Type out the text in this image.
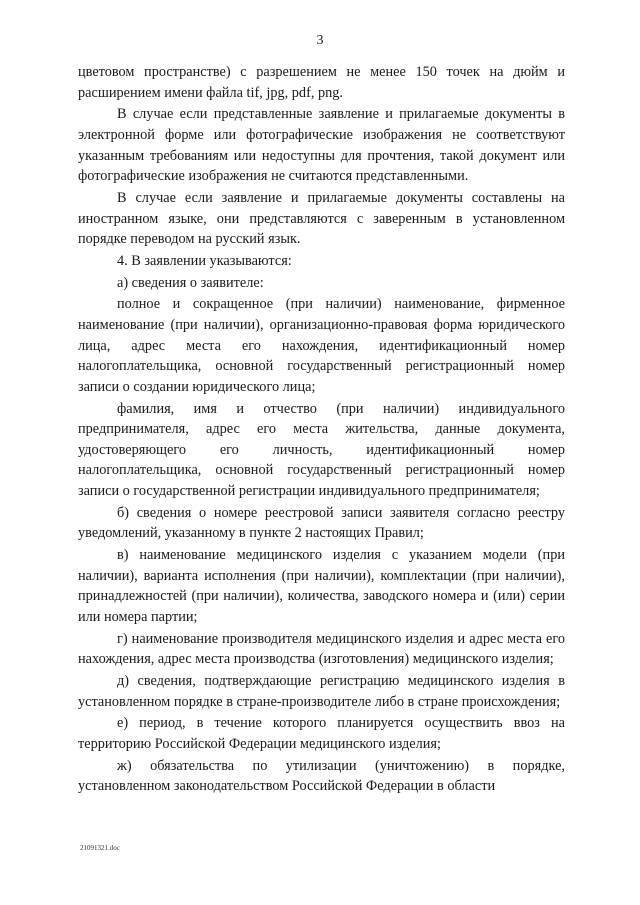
3

цветовом пространстве) с разрешением не менее 150 точек на дюйм и расширением имени файла tif, jpg, pdf, png.

В случае если представленные заявление и прилагаемые документы в электронной форме или фотографические изображения не соответствуют указанным требованиям или недоступны для прочтения, такой документ или фотографические изображения не считаются представленными.

В случае если заявление и прилагаемые документы составлены на иностранном языке, они представляются с заверенным в установленном порядке переводом на русский язык.

4. В заявлении указываются:

а) сведения о заявителе:

полное и сокращенное (при наличии) наименование, фирменное наименование (при наличии), организационно-правовая форма юридического лица, адрес места его нахождения, идентификационный номер налогоплательщика, основной государственный регистрационный номер записи о создании юридического лица;

фамилия, имя и отчество (при наличии) индивидуального предпринимателя, адрес его места жительства, данные документа, удостоверяющего его личность, идентификационный номер налогоплательщика, основной государственный регистрационный номер записи о государственной регистрации индивидуального предпринимателя;

б) сведения о номере реестровой записи заявителя согласно реестру уведомлений, указанному в пункте 2 настоящих Правил;

в) наименование медицинского изделия с указанием модели (при наличии), варианта исполнения (при наличии), комплектации (при наличии), принадлежностей (при наличии), количества, заводского номера и (или) серии или номера партии;

г) наименование производителя медицинского изделия и адрес места его нахождения, адрес места производства (изготовления) медицинского изделия;

д) сведения, подтверждающие регистрацию медицинского изделия в установленном порядке в стране-производителе либо в стране происхождения;

е) период, в течение которого планируется осуществить ввоз на территорию Российской Федерации медицинского изделия;

ж) обязательства по утилизации (уничтожению) в порядке, установленном законодательством Российской Федерации в области

21091321.doc
